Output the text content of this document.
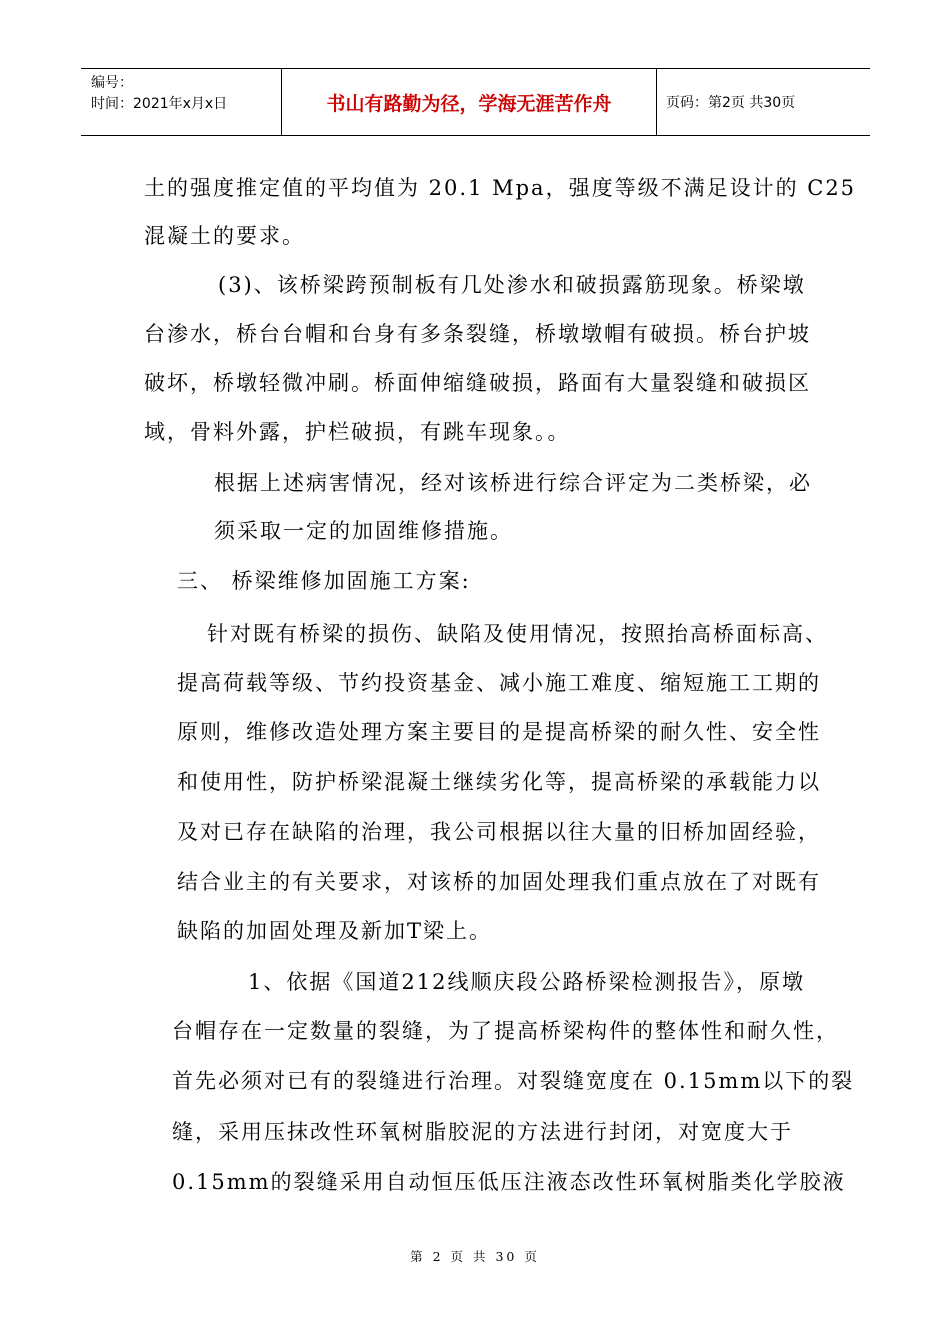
编号：
时间：2021年x月x日	书山有路勤为径，学海无涯苦作舟	页码：第2页 共30页
土的强度推定值的平均值为 20.1 Mpa，强度等级不满足设计的 C25
混凝土的要求。
(3)、该桥梁跨预制板有几处渗水和破损露筋现象。桥梁墩
台渗水，桥台台帽和台身有多条裂缝，桥墩墩帽有破损。桥台护坡
破坏，桥墩轻微冲刷。桥面伸缩缝破损，路面有大量裂缝和破损区
域，骨料外露，护栏破损，有跳车现象。。
根据上述病害情况，经对该桥进行综合评定为二类桥梁，必
须采取一定的加固维修措施。
三、 桥梁维修加固施工方案:
针对既有桥梁的损伤、缺陷及使用情况，按照抬高桥面标高、
提高荷载等级、节约投资基金、减小施工难度、缩短施工工期的
原则，维修改造处理方案主要目的是提高桥梁的耐久性、安全性
和使用性，防护桥梁混凝土继续劣化等，提高桥梁的承载能力以
及对已存在缺陷的治理，我公司根据以往大量的旧桥加固经验，
结合业主的有关要求，对该桥的加固处理我们重点放在了对既有
缺陷的加固处理及新加T梁上。
1、依据《国道212线顺庆段公路桥梁检测报告》，原墩
台帽存在一定数量的裂缝，为了提高桥梁构件的整体性和耐久性，
首先必须对已有的裂缝进行治理。对裂缝宽度在 0.15mm以下的裂
缝，采用压抹改性环氧树脂胶泥的方法进行封闭，对宽度大于
0.15mm的裂缝采用自动恒压低压注液态改性环氧树脂类化学胶液
第 2 页 共 30 页
